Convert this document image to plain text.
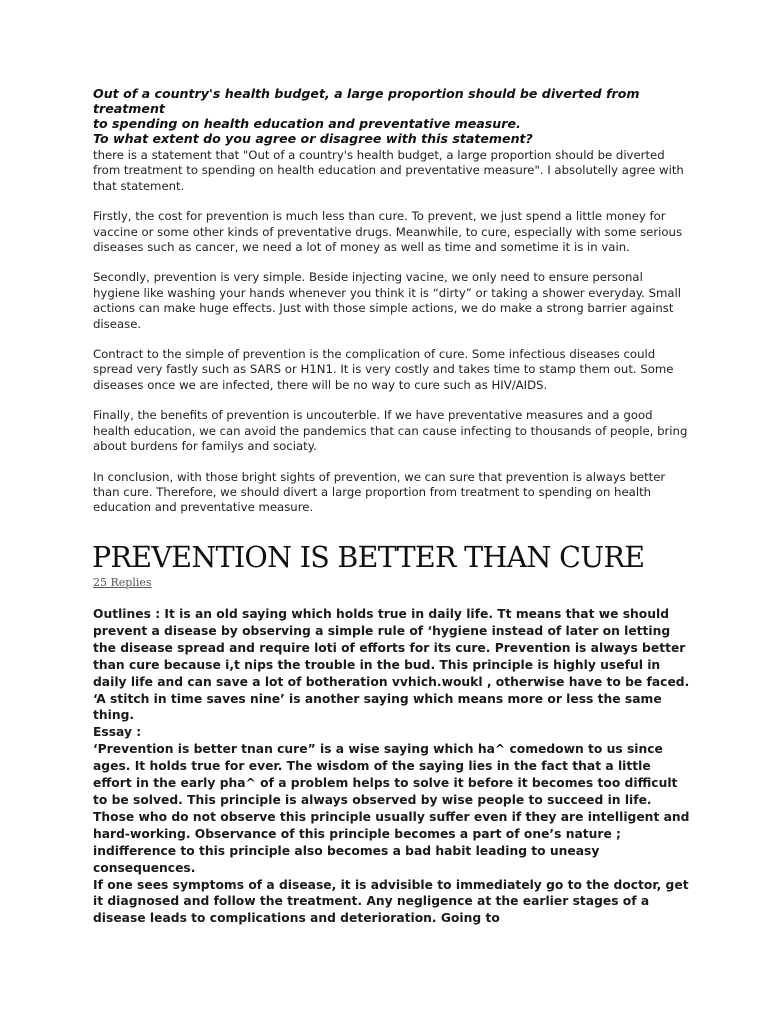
Out of a country's health budget, a large proportion should be diverted from treatment
to spending on health education and preventative measure.
To what extent do you agree or disagree with this statement?

there is a statement that "Out of a country's health budget, a large proportion should be diverted from treatment to spending on health education and preventative measure". I absolutelly agree with that statement.

Firstly, the cost for prevention is much less than cure. To prevent, we just spend a little money for vaccine or some other kinds of preventative drugs. Meanwhile, to cure, especially with some serious diseases such as cancer, we need a lot of money as well as time and sometime it is in vain.

Secondly, prevention is very simple. Beside injecting vacine, we only need to ensure personal hygiene like washing your hands whenever you think it is “dirty” or taking a shower everyday. Small actions can make huge effects. Just with those simple actions, we do make a strong barrier against disease.

Contract to the simple of prevention is the complication of cure. Some infectious diseases could spread very fastly such as SARS or H1N1. It is very costly and takes time to stamp them out. Some diseases once we are infected, there will be no way to cure such as HIV/AIDS.

Finally, the benefits of prevention is uncouterble. If we have preventative measures and a good health education, we can avoid the pandemics that can cause infecting to thousands of people, bring about burdens for familys and sociaty.

In conclusion, with those bright sights of prevention, we can sure that prevention is always better than cure. Therefore, we should divert a large proportion from treatment to spending on health education and preventative measure.

PREVENTION IS BETTER THAN CURE
25 Replies

Outlines : It is an old saying which holds true in daily life. Tt means that we should prevent a disease by observing a simple rule of ‘hygiene instead of later on letting the disease spread and require loti of efforts for its cure. Prevention is always better than cure because i,t nips the trouble in the bud. This principle is highly useful in daily life and can save a lot of botheration vvhich.woukl , otherwise have to be faced. ‘A stitch in time saves nine’ is another saying which means more or less the same thing.

Essay :

‘Prevention is better tnan cure” is a wise saying which ha^ comedown to us since ages. It holds true for ever. The wisdom of the saying lies in the fact that a little effort in the early pha^ of a problem helps to solve it before it becomes too difficult to be solved. This principle is always observed by wise people to succeed in life. Those who do not observe this principle usually suffer even if they are intelligent and hard-working. Observance of this principle becomes a part of one’s nature ; indifference to this principle also becomes a bad habit leading to uneasy consequences.

If one sees symptoms of a disease, it is advisible to immediately go to the doctor, get it diagnosed and follow the treatment. Any negligence at the earlier stages of a disease leads to complications and deterioration. Going to
